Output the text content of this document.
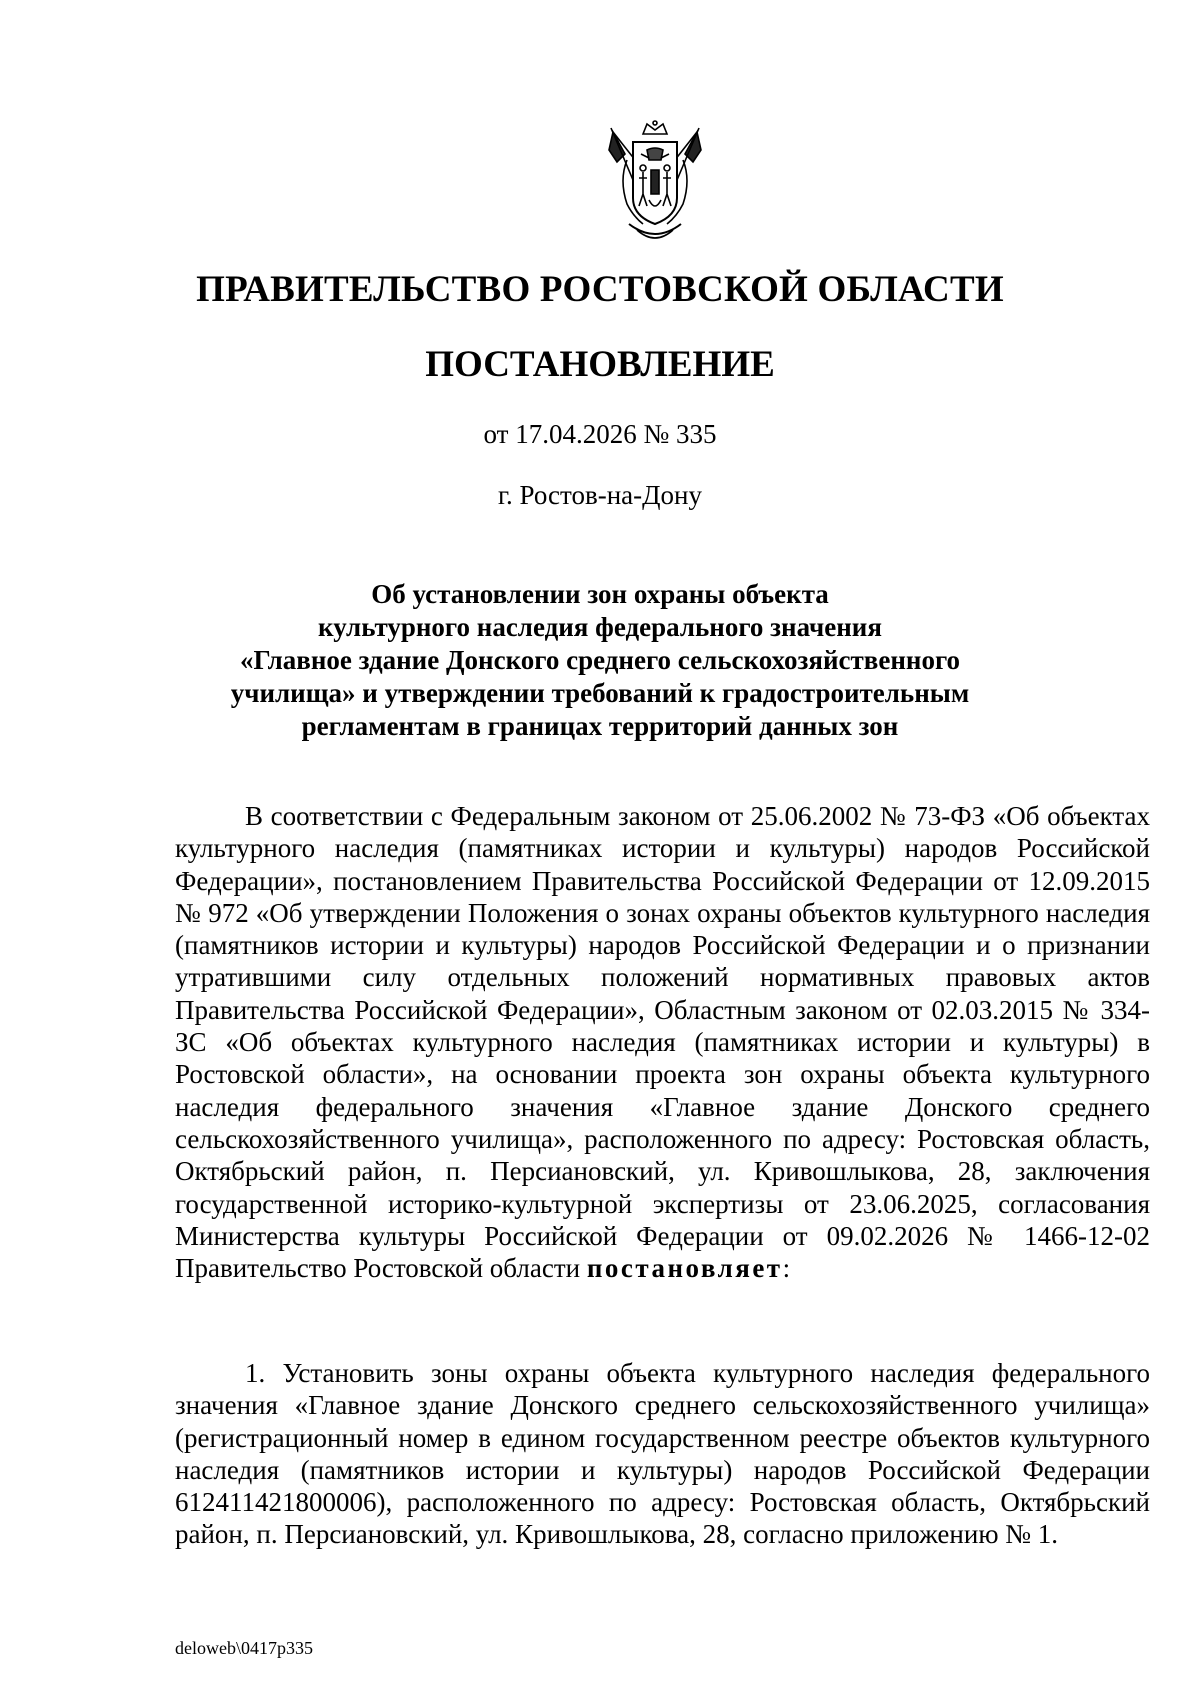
ПРАВИТЕЛЬСТВО РОСТОВСКОЙ ОБЛАСТИ
ПОСТАНОВЛЕНИЕ
от 17.04.2026 № 335
г. Ростов-на-Дону
Об установлении зон охраны объекта
культурного наследия федерального значения
«Главное здание Донского среднего сельскохозяйственного
училища» и утверждении требований к градостроительным
регламентам в границах территорий данных зон

В соответствии с Федеральным законом от 25.06.2002 № 73-ФЗ «Об объектах культурного наследия (памятниках истории и культуры) народов Российской Федерации», постановлением Правительства Российской Федерации от 12.09.2015 № 972 «Об утверждении Положения о зонах охраны объектов культурного наследия (памятников истории и культуры) народов Российской Федерации и о признании утратившими силу отдельных положений нормативных правовых актов Правительства Российской Федерации», Областным законом от 02.03.2015 № 334-ЗС «Об объектах культурного наследия (памятниках истории и культуры) в Ростовской области», на основании проекта зон охраны объекта культурного наследия федерального значения «Главное здание Донского среднего сельскохозяйственного училища», расположенного по адресу: Ростовская область, Октябрьский район, п. Персиановский, ул. Кривошлыкова, 28, заключения государственной историко-культурной экспертизы от 23.06.2025, согласования Министерства культуры Российской Федерации от 09.02.2026 № 1466-12-02 Правительство Ростовской области постановляет:

1. Установить зоны охраны объекта культурного наследия федерального значения «Главное здание Донского среднего сельскохозяйственного училища» (регистрационный номер в едином государственном реестре объектов культурного наследия (памятников истории и культуры) народов Российской Федерации 612411421800006), расположенного по адресу: Ростовская область, Октябрьский район, п. Персиановский, ул. Кривошлыкова, 28, согласно приложению № 1.

deloweb\0417p335
